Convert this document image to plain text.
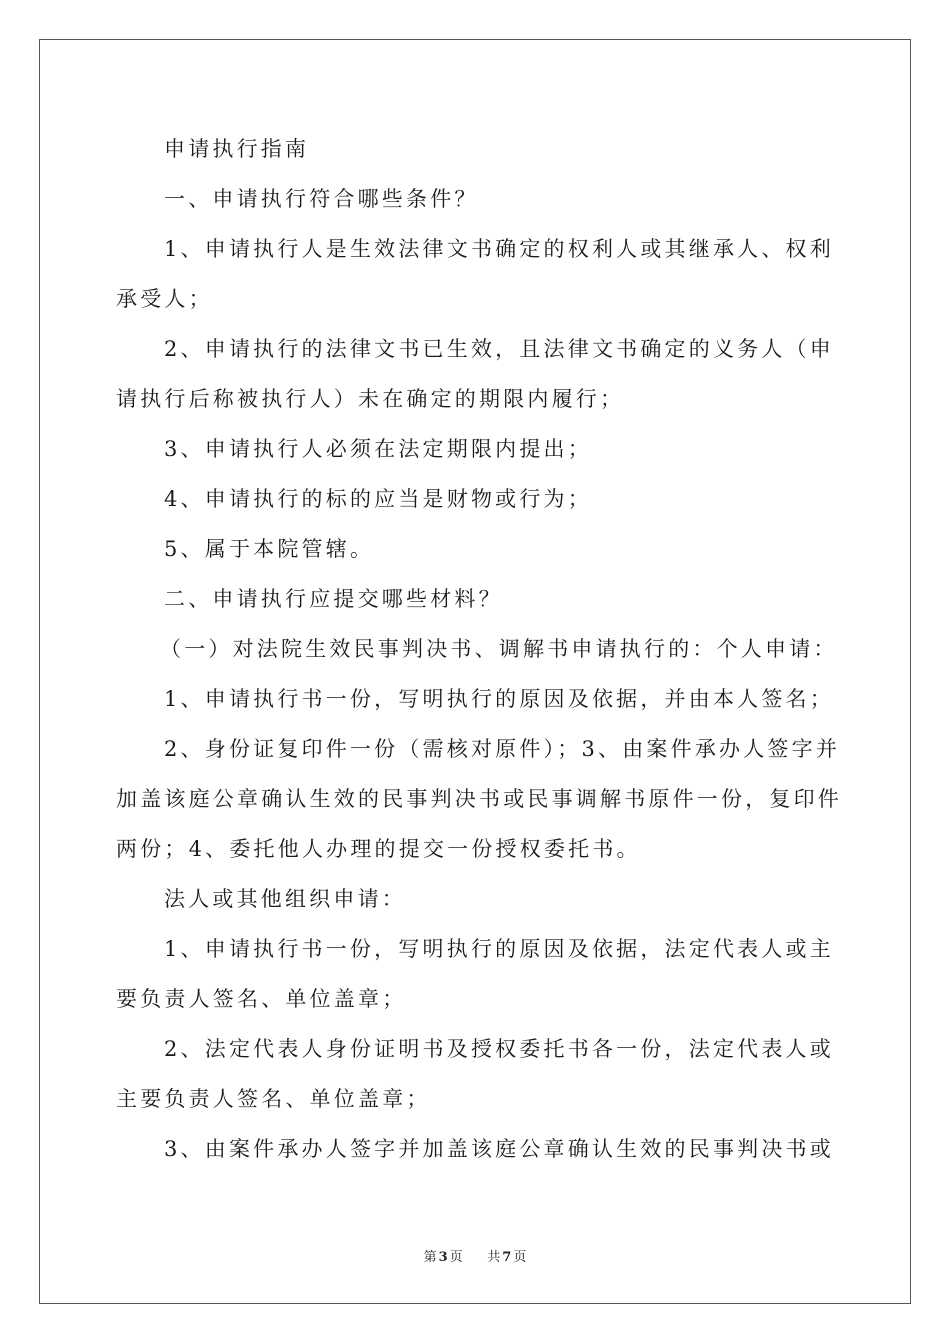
申请执行指南
一、申请执行符合哪些条件？
1、申请执行人是生效法律文书确定的权利人或其继承人、权利
承受人；
2、申请执行的法律文书已生效，且法律文书确定的义务人（申
请执行后称被执行人）未在确定的期限内履行；
3、申请执行人必须在法定期限内提出；
4、申请执行的标的应当是财物或行为；
5、属于本院管辖。
二、申请执行应提交哪些材料？
（一）对法院生效民事判决书、调解书申请执行的：个人申请：
1、申请执行书一份，写明执行的原因及依据，并由本人签名；
2、身份证复印件一份（需核对原件）；3、由案件承办人签字并
加盖该庭公章确认生效的民事判决书或民事调解书原件一份，复印件
两份；4、委托他人办理的提交一份授权委托书。
法人或其他组织申请：
1、申请执行书一份，写明执行的原因及依据，法定代表人或主
要负责人签名、单位盖章；
2、法定代表人身份证明书及授权委托书各一份，法定代表人或
主要负责人签名、单位盖章；
3、由案件承办人签字并加盖该庭公章确认生效的民事判决书或
第 3 页 共 7 页
